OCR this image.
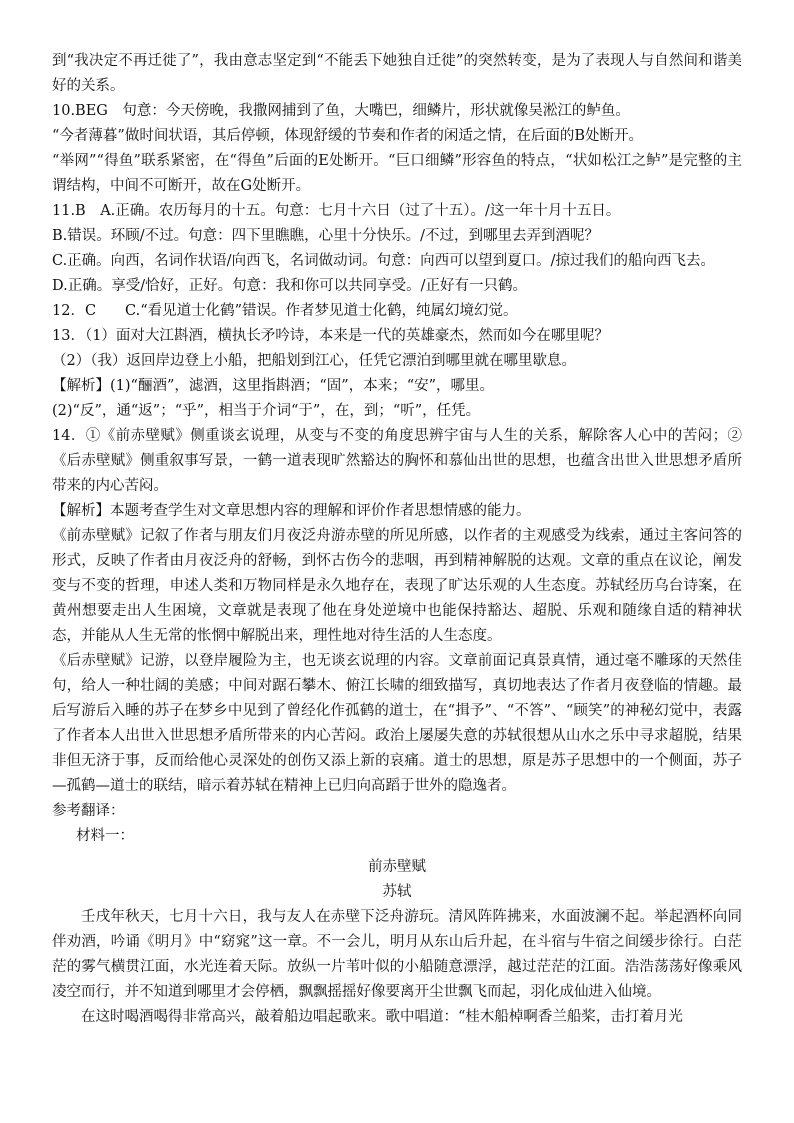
到“我决定不再迁徙了”，我由意志坚定到“不能丢下她独自迁徙”的突然转变，是为了表现人与自然间和谐美好的关系。

10.BEG　句意：今天傍晚，我撒网捕到了鱼，大嘴巴，细鳞片，形状就像吴淞江的鲈鱼。

“今者薄暮”做时间状语，其后停顿，体现舒缓的节奏和作者的闲适之情，在后面的B处断开。

“举网”“得鱼”联系紧密，在“得鱼”后面的E处断开。“巨口细鳞”形容鱼的特点，“状如松江之鲈”是完整的主谓结构，中间不可断开，故在G处断开。

11.B　A.正确。农历每月的十五。句意：七月十六日（过了十五）。/这一年十月十五日。

B.错误。环顾/不过。句意：四下里瞧瞧，心里十分快乐。/不过，到哪里去弄到酒呢？

C.正确。向西，名词作状语/向西飞，名词做动词。句意：向西可以望到夏口。/掠过我们的船向西飞去。

D.正确。享受/恰好，正好。句意：我和你可以共同享受。/正好有一只鹤。

12．C　　C.“看见道士化鹤”错误。作者梦见道士化鹤，纯属幻境幻觉。

13．（1）面对大江斟酒，横执长矛吟诗，本来是一代的英雄豪杰，然而如今在哪里呢？

（2）（我）返回岸边登上小船，把船划到江心，任凭它漂泊到哪里就在哪里歇息。

【解析】(1)“酾酒”，滤酒，这里指斟酒；“固”，本来；“安”，哪里。

(2)“反”，通“返”；“乎”，相当于介词“于”，在，到；“听”，任凭。

14．①《前赤壁赋》侧重谈玄说理，从变与不变的角度思辨宇宙与人生的关系，解除客人心中的苦闷；②《后赤壁赋》侧重叙事写景，一鹤一道表现旷然豁达的胸怀和慕仙出世的思想，也蕴含出世入世思想矛盾所带来的内心苦闷。

【解析】本题考查学生对文章思想内容的理解和评价作者思想情感的能力。

《前赤壁赋》记叙了作者与朋友们月夜泛舟游赤壁的所见所感，以作者的主观感受为线索，通过主客问答的形式，反映了作者由月夜泛舟的舒畅，到怀古伤今的悲咽，再到精神解脱的达观。文章的重点在议论，阐发变与不变的哲理，申述人类和万物同样是永久地存在，表现了旷达乐观的人生态度。苏轼经历乌台诗案，在黄州想要走出人生困境，文章就是表现了他在身处逆境中也能保持豁达、超脱、乐观和随缘自适的精神状态，并能从人生无常的怅惘中解脱出来，理性地对待生活的人生态度。

《后赤壁赋》记游，以登岸履险为主，也无谈玄说理的内容。文章前面记真景真情，通过毫不雕琢的天然佳句，给人一种壮阔的美感；中间对踞石攀木、俯江长啸的细致描写，真切地表达了作者月夜登临的情趣。最后写游后入睡的苏子在梦乡中见到了曾经化作孤鹤的道士，在“揖予”、“不答”、“顾笑”的神秘幻觉中，表露了作者本人出世入世思想矛盾所带来的内心苦闷。政治上屡屡失意的苏轼很想从山水之乐中寻求超脱，结果非但无济于事，反而给他心灵深处的创伤又添上新的哀痛。道士的思想，原是苏子思想中的一个侧面，苏子—孤鹤—道士的联结，暗示着苏轼在精神上已归向高蹈于世外的隐逸者。

参考翻译：

材料一：

前赤壁赋

苏轼

壬戌年秋天，七月十六日，我与友人在赤壁下泛舟游玩。清风阵阵拂来，水面波澜不起。举起酒杯向同伴劝酒，吟诵《明月》中“窈窕”这一章。不一会儿，明月从东山后升起，在斗宿与牛宿之间缓步徐行。白茫茫的雾气横贯江面，水光连着天际。放纵一片苇叶似的小船随意漂浮，越过茫茫的江面。浩浩荡荡好像乘风凌空而行，并不知道到哪里才会停栖，飘飘摇摇好像要离开尘世飘飞而起，羽化成仙进入仙境。

在这时喝酒喝得非常高兴，敲着船边唱起歌来。歌中唱道：“桂木船棹啊香兰船桨，击打着月光
